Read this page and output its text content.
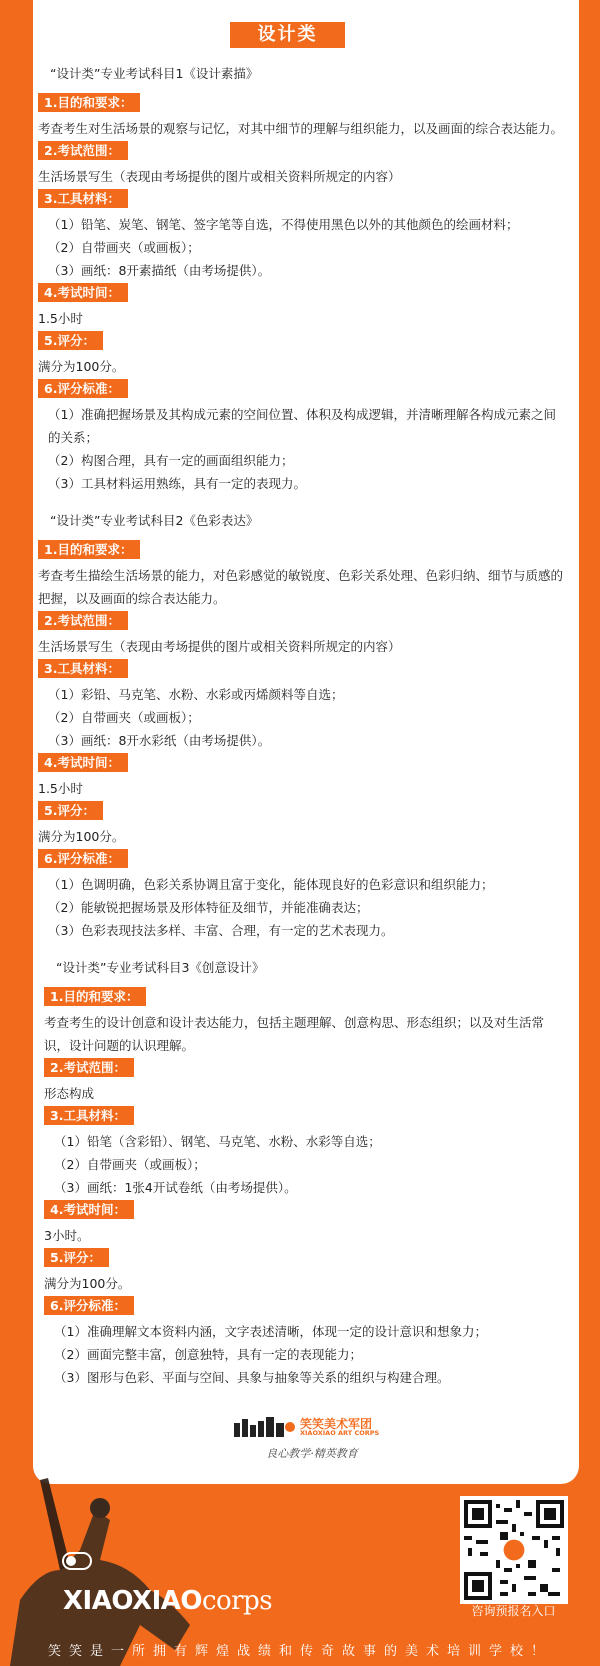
设计类
“设计类”专业考试科目1《设计素描》
1.目的和要求：
考查考生对生活场景的观察与记忆，对其中细节的理解与组织能力，以及画面的综合表达能力。
2.考试范围：
生活场景写生（表现由考场提供的图片或相关资料所规定的内容）
3.工具材料：
（1）铅笔、炭笔、钢笔、签字笔等自选，不得使用黑色以外的其他颜色的绘画材料；
（2）自带画夹（或画板）；
（3）画纸：8开素描纸（由考场提供）。
4.考试时间：
1.5小时
5.评分：
满分为100分。
6.评分标准：
（1）准确把握场景及其构成元素的空间位置、体积及构成逻辑，并清晰理解各构成元素之间的关系；
（2）构图合理，具有一定的画面组织能力；
（3）工具材料运用熟练，具有一定的表现力。
“设计类”专业考试科目2《色彩表达》
1.目的和要求：
考查考生描绘生活场景的能力，对色彩感觉的敏锐度、色彩关系处理、色彩归纳、细节与质感的把握，以及画面的综合表达能力。
2.考试范围：
生活场景写生（表现由考场提供的图片或相关资料所规定的内容）
3.工具材料：
（1）彩铅、马克笔、水粉、水彩或丙烯颜料等自选；
（2）自带画夹（或画板）；
（3）画纸：8开水彩纸（由考场提供）。
4.考试时间：
1.5小时
5.评分：
满分为100分。
6.评分标准：
（1）色调明确，色彩关系协调且富于变化，能体现良好的色彩意识和组织能力；
（2）能敏锐把握场景及形体特征及细节，并能准确表达；
（3）色彩表现技法多样、丰富、合理，有一定的艺术表现力。
“设计类”专业考试科目3《创意设计》
1.目的和要求：
考查考生的设计创意和设计表达能力，包括主题理解、创意构思、形态组织；以及对生活常识，设计问题的认识理解。
2.考试范围：
形态构成
3.工具材料：
（1）铅笔（含彩铅）、钢笔、马克笔、水粉、水彩等自选；
（2）自带画夹（或画板）；
（3）画纸：1张4开试卷纸（由考场提供）。
4.考试时间：
3小时。
5.评分：
满分为100分。
6.评分标准：
（1）准确理解文本资料内涵，文字表述清晰，体现一定的设计意识和想象力；
（2）画面完整丰富，创意独特，具有一定的表现能力；
（3）图形与色彩、平面与空间、具象与抽象等关系的组织与构建合理。
笑笑美术军团
XIAOXIAO ART CORPS
良心教学·精英教育
XIAOXIAOcorps	咨询预报名入口
笑笑是一所拥有辉煌战绩和传奇故事的美术培训学校！
